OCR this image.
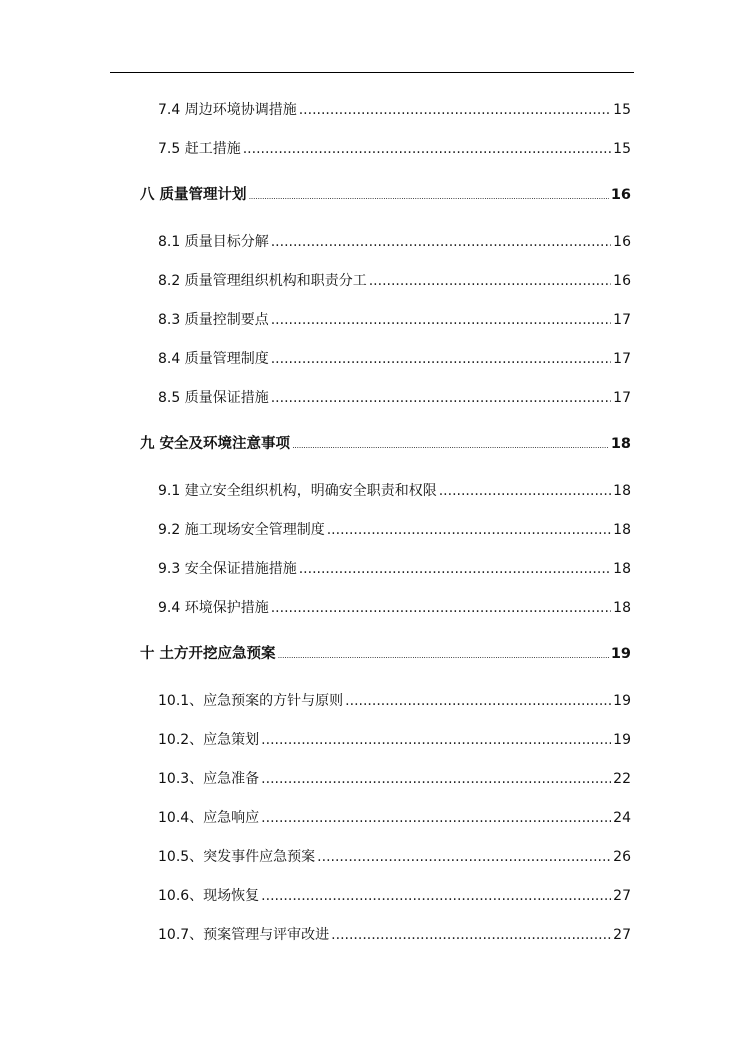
7.4 周边环境协调措施 .....	15
7.5 赶工措施 .....	15
八 质量管理计划 .....	16
8.1 质量目标分解 .....	16
8.2 质量管理组织机构和职责分工 .....	16
8.3 质量控制要点 .....	17
8.4 质量管理制度 .....	17
8.5 质量保证措施 .....	17
九 安全及环境注意事项 .....	18
9.1 建立安全组织机构，明确安全职责和权限 .....	18
9.2 施工现场安全管理制度 .....	18
9.3 安全保证措施措施 .....	18
9.4 环境保护措施 .....	18
十 土方开挖应急预案 .....	19
10.1、应急预案的方针与原则 .....	19
10.2、应急策划 .....	19
10.3、应急准备 .....	22
10.4、应急响应 .....	24
10.5、突发事件应急预案 .....	26
10.6、现场恢复 .....	27
10.7、预案管理与评审改进 .....	27
